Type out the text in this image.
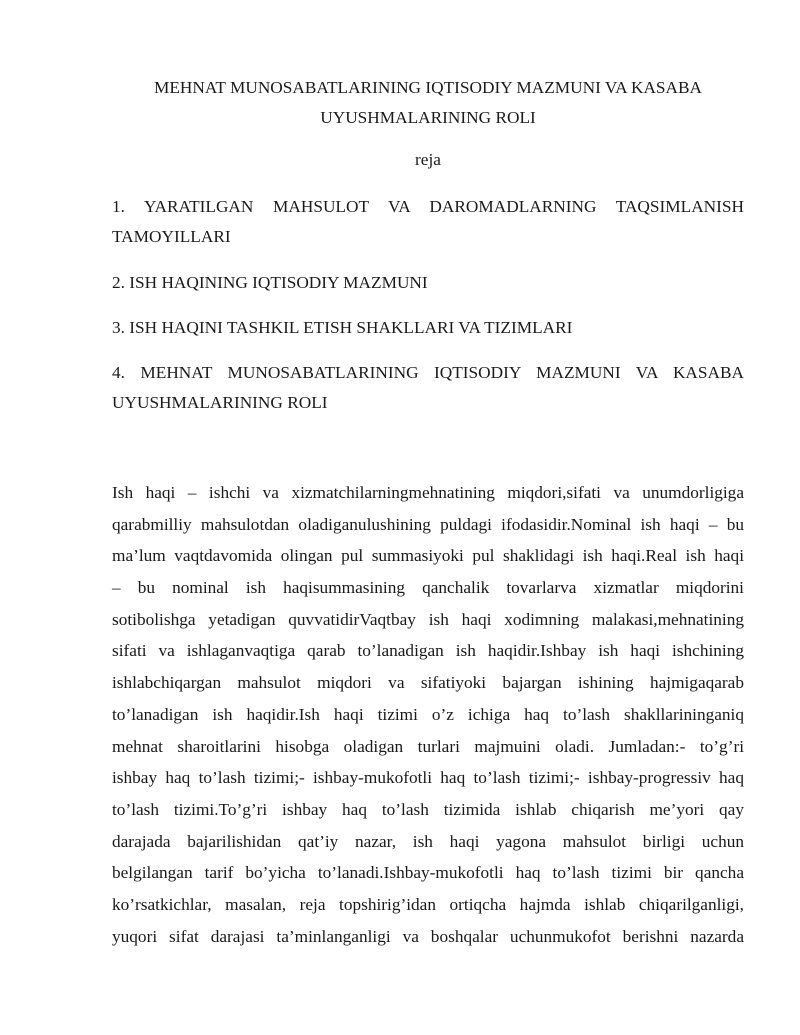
MEHNAT MUNOSABATLARINING IQTISODIY MAZMUNI VA KASABA
UYUSHMALARINING ROLI

reja

1. YARATILGAN MAHSULOT VA DAROMADLARNING TAQSIMLANISH
TAMOYILLARI
2. ISH HAQINING IQTISODIY MAZMUNI
3. ISH HAQINI TASHKIL ETISH SHAKLLARI VA TIZIMLARI
4. MEHNAT MUNOSABATLARINING IQTISODIY MAZMUNI VA KASABA
UYUSHMALARINING ROLI
Ish haqi – ishchi va xizmatchilarningmehnatining miqdori,sifati va unumdorligiga
qarabmilliy mahsulotdan oladiganulushining puldagi ifodasidir.Nominal ish haqi – bu
ma’lum vaqtdavomida olingan pul summasiyoki pul shaklidagi ish haqi.Real ish haqi
– bu nominal ish haqisummasining qanchalik tovarlarva xizmatlar miqdorini
sotibolishga yetadigan quvvatidirVaqtbay ish haqi xodimning malakasi,mehnatining
sifati va ishlaganvaqtiga qarab to’lanadigan ish haqidir.Ishbay ish haqi ishchining
ishlabchiqargan mahsulot miqdori va sifatiyoki bajargan ishining hajmigaqarab
to’lanadigan ish haqidir.Ish haqi tizimi o’z ichiga haq to’lash shakllarininganiq
mehnat sharoitlarini hisobga oladigan turlari majmuini oladi. Jumladan:- to’g’ri
ishbay haq to’lash tizimi;- ishbay-mukofotli haq to’lash tizimi;- ishbay-progressiv haq
to’lash tizimi.To’g’ri ishbay haq to’lash tizimida ishlab chiqarish me’yori qay
darajada bajarilishidan qat’iy nazar, ish haqi yagona mahsulot birligi uchun
belgilangan tarif bo’yicha to’lanadi.Ishbay-mukofotli haq to’lash tizimi bir qancha
ko’rsatkichlar, masalan, reja topshirig’idan ortiqcha hajmda ishlab chiqarilganligi,
yuqori sifat darajasi ta’minlanganligi va boshqalar uchunmukofot berishni nazarda
